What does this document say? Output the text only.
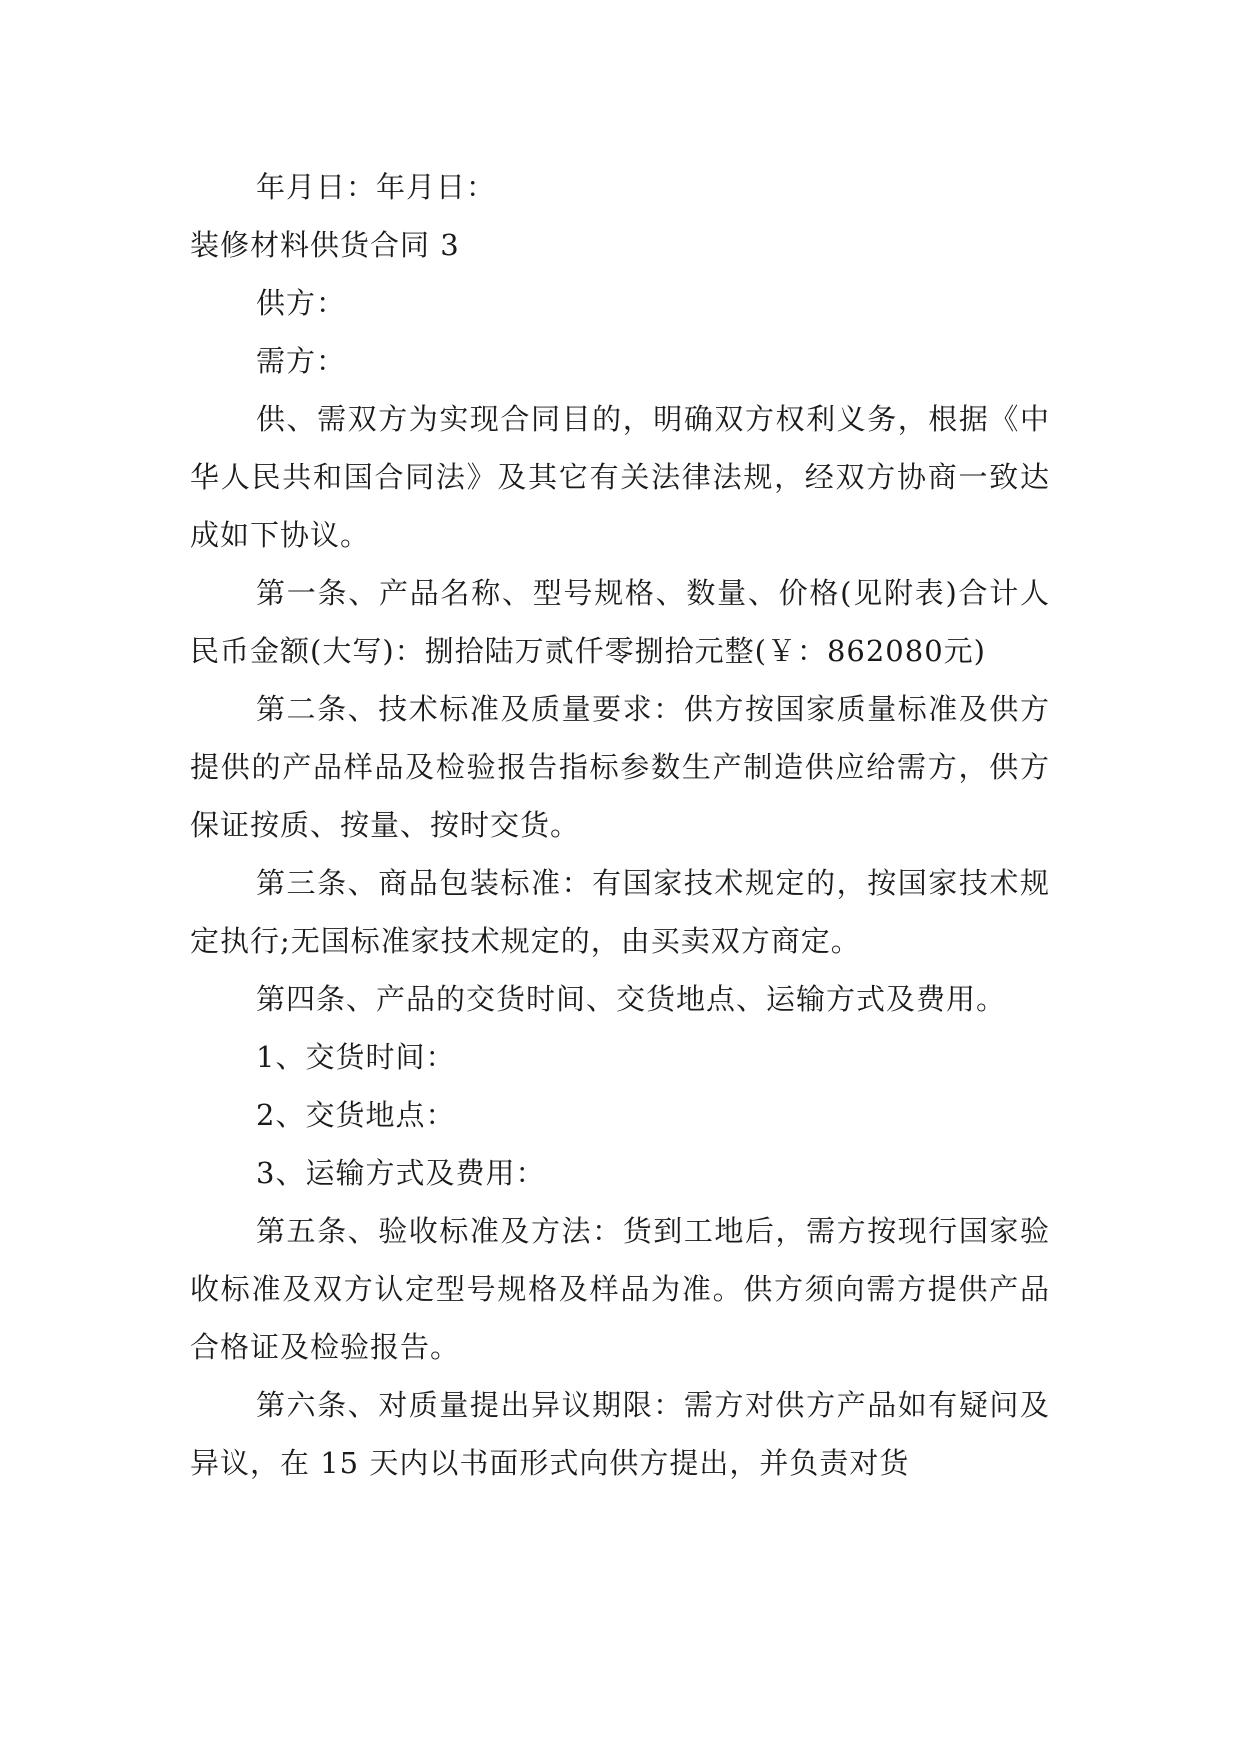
年月日：年月日：

装修材料供货合同 3

供方：

需方：

供、需双方为实现合同目的，明确双方权利义务，根据《中华人民共和国合同法》及其它有关法律法规，经双方协商一致达成如下协议。

第一条、产品名称、型号规格、数量、价格(见附表)合计人民币金额(大写)：捌拾陆万贰仟零捌拾元整(￥：862080元)

第二条、技术标准及质量要求：供方按国家质量标准及供方提供的产品样品及检验报告指标参数生产制造供应给需方，供方保证按质、按量、按时交货。

第三条、商品包装标准：有国家技术规定的，按国家技术规定执行;无国标准家技术规定的，由买卖双方商定。

第四条、产品的交货时间、交货地点、运输方式及费用。

1、交货时间：

2、交货地点：

3、运输方式及费用：

第五条、验收标准及方法：货到工地后，需方按现行国家验收标准及双方认定型号规格及样品为准。供方须向需方提供产品合格证及检验报告。

第六条、对质量提出异议期限：需方对供方产品如有疑问及异议，在 15 天内以书面形式向供方提出，并负责对货
